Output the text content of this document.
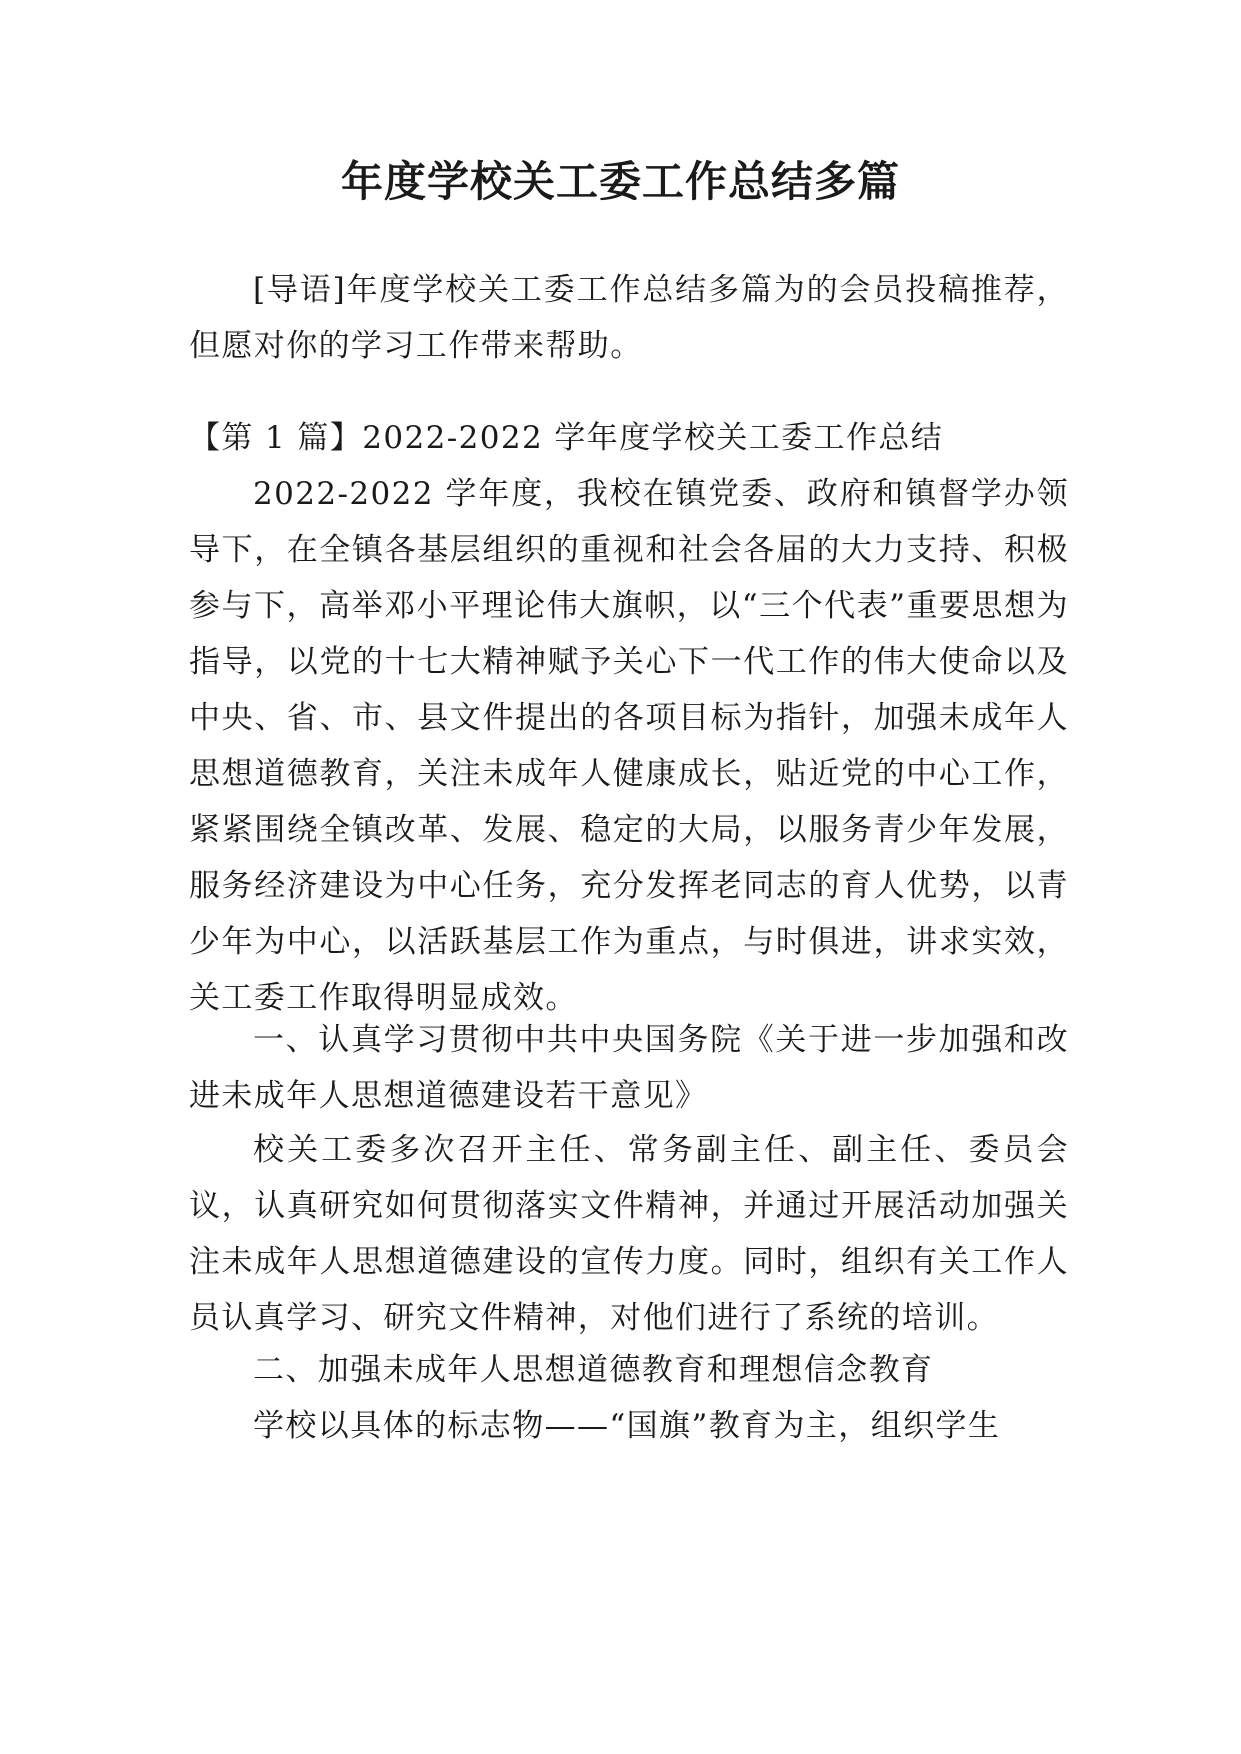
年度学校关工委工作总结多篇
[导语]年度学校关工委工作总结多篇为的会员投稿推荐，但愿对你的学习工作带来帮助。
【第 1 篇】2022-2022 学年度学校关工委工作总结
2022-2022 学年度，我校在镇党委、政府和镇督学办领导下，在全镇各基层组织的重视和社会各届的大力支持、积极参与下，高举邓小平理论伟大旗帜，以“三个代表”重要思想为指导，以党的十七大精神赋予关心下一代工作的伟大使命以及中央、省、市、县文件提出的各项目标为指针，加强未成年人思想道德教育，关注未成年人健康成长，贴近党的中心工作，紧紧围绕全镇改革、发展、稳定的大局，以服务青少年发展，服务经济建设为中心任务，充分发挥老同志的育人优势，以青少年为中心，以活跃基层工作为重点，与时俱进，讲求实效，关工委工作取得明显成效。
一、认真学习贯彻中共中央国务院《关于进一步加强和改进未成年人思想道德建设若干意见》
校关工委多次召开主任、常务副主任、副主任、委员会议，认真研究如何贯彻落实文件精神，并通过开展活动加强关注未成年人思想道德建设的宣传力度。同时，组织有关工作人员认真学习、研究文件精神，对他们进行了系统的培训。
二、加强未成年人思想道德教育和理想信念教育
学校以具体的标志物——“国旗”教育为主，组织学生
